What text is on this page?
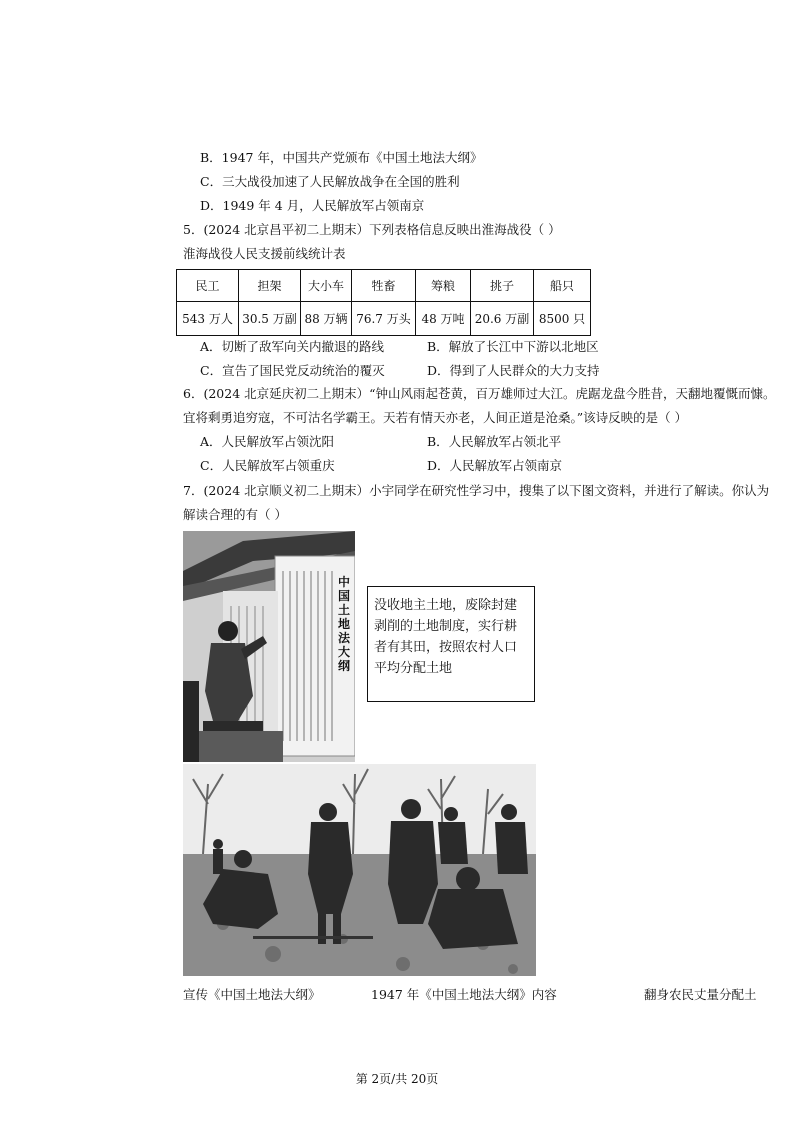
B．1947 年，中国共产党颁布《中国土地法大纲》
C．三大战役加速了人民解放战争在全国的胜利
D．1949 年 4 月，人民解放军占领南京
5．(2024 北京昌平初二上期末）下列表格信息反映出淮海战役（ ）
淮海战役人民支援前线统计表
民工	担架	大小车	牲畜	筹粮	挑子	船只
543 万人	30.5 万副	88 万辆	76.7 万头	48 万吨	20.6 万副	8500 只
A．切断了敌军向关内撤退的路线	B．解放了长江中下游以北地区
C．宣告了国民党反动统治的覆灭	D．得到了人民群众的大力支持
6．(2024 北京延庆初二上期末）“钟山风雨起苍黄，百万雄师过大江。虎踞龙盘今胜昔，天翻地覆慨而慷。
宜将剩勇追穷寇，不可沽名学霸王。天若有情天亦老，人间正道是沧桑。”该诗反映的是（ ）
A．人民解放军占领沈阳	B．人民解放军占领北平
C．人民解放军占领重庆	D．人民解放军占领南京
7．(2024 北京顺义初二上期末）小宇同学在研究性学习中，搜集了以下图文资料，并进行了解读。你认为
解读合理的有（ ）
中国土地法大纲
没收地主土地，废除封建剥削的土地制度，实行耕者有其田，按照农村人口平均分配土地
宣传《中国土地法大纲》	1947 年《中国土地法大纲》内容	翻身农民丈量分配土
第 2页/共 20页
